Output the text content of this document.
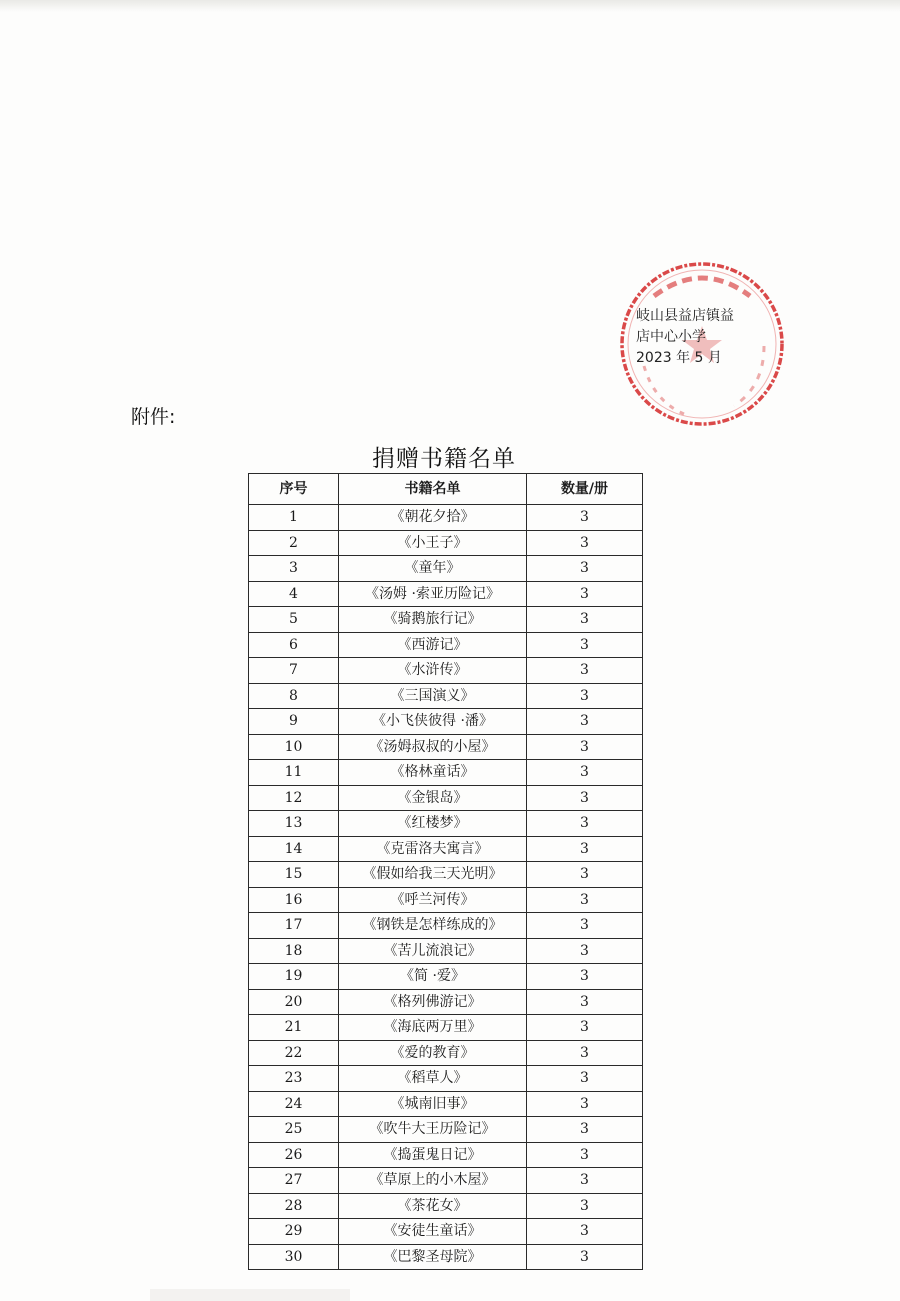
岐山县益店镇益
店中心小学
2023 年 5 月
附件:
捐赠书籍名单
序号	书籍名单	数量/册
1	《朝花夕拾》	3
2	《小王子》	3
3	《童年》	3
4	《汤姆 ·索亚历险记》	3
5	《骑鹅旅行记》	3
6	《西游记》	3
7	《水浒传》	3
8	《三国演义》	3
9	《小飞侠彼得 ·潘》	3
10	《汤姆叔叔的小屋》	3
11	《格林童话》	3
12	《金银岛》	3
13	《红楼梦》	3
14	《克雷洛夫寓言》	3
15	《假如给我三天光明》	3
16	《呼兰河传》	3
17	《钢铁是怎样练成的》	3
18	《苦儿流浪记》	3
19	《简 ·爱》	3
20	《格列佛游记》	3
21	《海底两万里》	3
22	《爱的教育》	3
23	《稻草人》	3
24	《城南旧事》	3
25	《吹牛大王历险记》	3
26	《捣蛋鬼日记》	3
27	《草原上的小木屋》	3
28	《茶花女》	3
29	《安徒生童话》	3
30	《巴黎圣母院》	3
